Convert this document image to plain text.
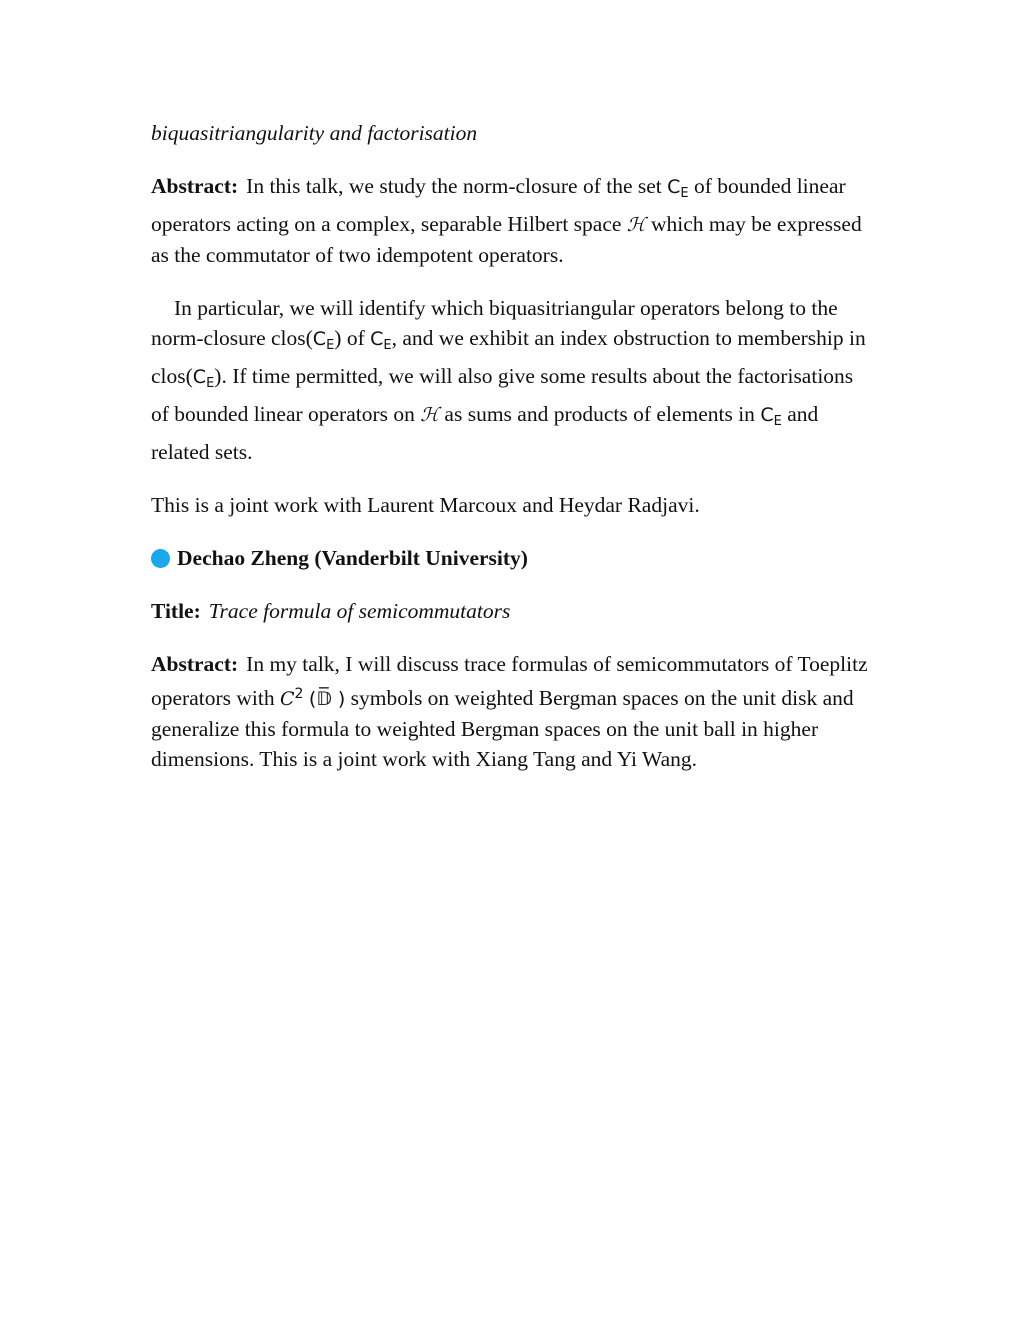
biquasitriangularity and factorisation

Abstract: In this talk, we study the norm-closure of the set CE of bounded linear operators acting on a complex, separable Hilbert space ℋ which may be expressed as the commutator of two idempotent operators.

In particular, we will identify which biquasitriangular operators belong to the norm-closure clos(CE) of CE, and we exhibit an index obstruction to membership in clos(CE). If time permitted, we will also give some results about the factorisations of bounded linear operators on ℋ as sums and products of elements in CE and related sets.

This is a joint work with Laurent Marcoux and Heydar Radjavi.

Dechao Zheng (Vanderbilt University)

Title: Trace formula of semicommutators

Abstract: In my talk, I will discuss trace formulas of semicommutators of Toeplitz operators with 𝐶$^2$ (𝔻̅ ) symbols on weighted Bergman spaces on the unit disk and generalize this formula to weighted Bergman spaces on the unit ball in higher dimensions. This is a joint work with Xiang Tang and Yi Wang.
